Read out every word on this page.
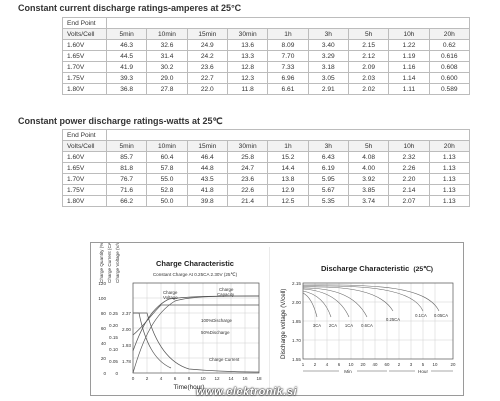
Constant current discharge ratings-amperes at 25°C
End Point									
Volts/Cell	5min	10min	15min	30min	1h	3h	5h	10h	20h
1.60V	46.3	32.6	24.9	13.6	8.09	3.40	2.15	1.22	0.62
1.65V	44.5	31.4	24.2	13.3	7.70	3.29	2.12	1.19	0.616
1.70V	41.9	30.2	23.6	12.8	7.33	3.18	2.09	1.16	0.608
1.75V	39.3	29.0	22.7	12.3	6.96	3.05	2.03	1.14	0.600
1.80V	36.8	27.8	22.0	11.8	6.61	2.91	2.02	1.11	0.589
Constant power discharge ratings-watts at 25℃
End Point									
Volts/Cell	5min	10min	15min	30min	1h	3h	5h	10h	20h
1.60V	85.7	60.4	46.4	25.8	15.2	6.43	4.08	2.32	1.13
1.65V	81.8	57.8	44.8	24.7	14.4	6.19	4.00	2.26	1.13
1.70V	76.7	55.0	43.5	23.6	13.8	5.95	3.92	2.20	1.13
1.75V	71.6	52.8	41.8	22.6	12.9	5.67	3.85	2.14	1.13
1.80V	66.2	50.0	39.8	21.4	12.5	5.35	3.74	2.07	1.13
Charge Quantity (%) Charge Current (CA) Charge Voltage (V/cell)	Charge Characteristic
Constant Charge At 0.25CA 2.30V (25℃)
120
100
80
60
40
20
0
0.25
0.20
0.15
0.10
0.05
0
2.37
2.00
1.93
1.78
0 2 4 6 8 10 12 14 16 18
Time(hour)
Charge
Voltage
Charge
Capacity
100%Discharge
50%Discharge
Charge Current
Discharge Characteristic (25℃)
Discharge voltage (V/cell)
2.15
2.00
1.85
1.70
1.55
1 2 4 6 10 20 40 60 2 3 5 10	20
Min	Hour
3CA 2CA 1CA 0.6CA
0.25CA
0.1CA 0.05CA
www.elektronik.si
